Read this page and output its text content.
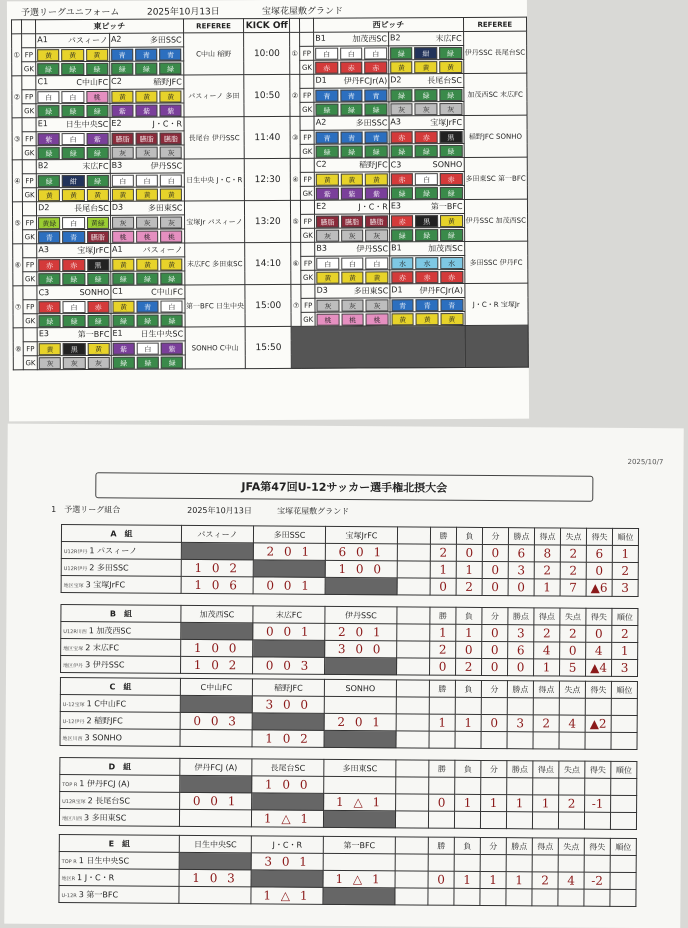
予選リーグユニフォーム	2025年10月13日	宝塚花屋敷グランド
		東ピッチ		REFEREE	KICK Off			西ピッチ		REFEREE
①		A1 パスィーノ	A2 多田SSC	C中山 稲野	10:00	①		B1 加茂西SC	B2 末広FC	伊丹SSC 長尾台SC
	FP	黄 黄 黄	青 青 青				FP	白 白 白	緑 紺 緑	

	GK	緑 緑 緑	緑 緑 緑				GK	赤 赤 赤	黄 黄 黄	

②		C1 C中山FC	C2 稲野JFC	パスィーノ 多田	10:50	②		D1 伊丹FCJr(A)	D2 長尾台SC	加茂西SC 末広FC
	FP	白 白 桃	黄 黄 黄				FP	青 青 青	緑 緑 緑	

	GK	緑 緑 緑	紫 紫 紫				GK	緑 緑 緑	灰 灰 灰	

③		E1 日生中央SC	E2 J・C・R	長尾台 伊丹SSC	11:40	③		A2 多田SSC	A3 宝塚JrFC	稲野JFC SONHO
	FP	紫 白 紫	臙脂 臙脂 臙脂				FP	青 青 青	赤 赤 黒	

	GK	緑 緑 緑	灰 灰 灰				GK	緑 緑 緑	緑 緑 緑	

④		B2 末広FC	B3 伊丹SSC	日生中央 J・C・R	12:30	④		C2 稲野JFC	C3 SONHO	多田東SC 第一BFC
	FP	緑 紺 緑	白 白 白				FP	黄 黄 黄	赤 白 赤	

	GK	黄 黄 黄	黄 黄 黄				GK	紫 紫 紫	緑 緑 緑	

⑤		D2 長尾台SC	D3 多田東SC	宝塚Jr パスィーノ	13:20	⑤		E2 J・C・R	E3 第一BFC	伊丹SSC 加茂西SC
	FP	黄緑 白 黄緑	灰 灰 灰				FP	臙脂 臙脂 臙脂	赤 黒 黄	

	GK	青 青 臙脂	桃 桃 桃				GK	灰 灰 灰	緑 緑 緑	

⑥		A3 宝塚JrFC	A1 パスィーノ	末広FC 多田東SC	14:10	⑥		B3 伊丹SSC	B1 加茂西SC	多田SSC 伊丹FC
	FP	赤 赤 黒	黄 黄 黄				FP	白 白 白	水 水 水	

	GK	緑 緑 緑	緑 緑 緑				GK	黄 黄 黄	赤 赤 赤	

⑦		C3 SONHO	C1 C中山FC	第一BFC 日生中央	15:00	⑦		D3 多田東SC	D1 伊丹FCJr(A)	J・C・R 宝塚Jr
	FP	赤 白 赤	黄 青 白				FP	灰 灰 灰	青 青 青	

	GK	緑 緑 緑	緑 緑 緑				GK	桃 桃 桃	黄 黄 黄	

⑧		E3 第一BFC	E1 日生中央SC	SONHO C中山	15:50					
	FP	黄 黒 黄	紫 白 紫							

	GK	灰 灰 灰	緑 緑 緑							
2025/10/7
JFA第47回U-12サッカー選手権北摂大会
1　予選リーグ組合	2025年10月13日	宝塚花屋敷グランド
A　組	パスィーノ	多田SSC	宝塚JrFC		勝	負	分	勝点	得点	失点	得失	順位
U12R伊丹 1 パスィーノ		2 0 1	6 0 1		2	0	0	6	8	2	6	1
U12R伊丹 2 多田SSC	1 0 2		1 0 0		1	1	0	3	2	2	0	2
地区宝塚 3 宝塚JrFC	1 0 6	0 0 1			0	2	0	0	1	7	▲6	3
B　組	加茂西SC	末広FC	伊丹SSC		勝	負	分	勝点	得点	失点	得失	順位
U12R川西 1 加茂西SC		0 0 1	2 0 1		1	1	0	3	2	2	0	2
地区宝塚 2 末広FC	1 0 0		3 0 0		2	0	0	6	4	0	4	1
地区伊丹 3 伊丹SSC	1 0 2	0 0 3			0	2	0	0	1	5	▲4	3
C　組	C中山FC	稲野JFC	SONHO		勝	負	分	勝点	得点	失点	得失	順位
U-12宝塚 1 C中山FC		3 0 0										
U-12伊丹 2 稲野JFC	0 0 3		2 0 1		1	1	0	3	2	4	▲2	
地区川西 3 SONHO		1 0 2										
D　組	伊丹FCJ (A)	長尾台SC	多田東SC		勝	負	分	勝点	得点	失点	得失	順位
TOP R 1 伊丹FCJ (A)		1 0 0										
U12R宝塚 2 長尾台SC	0 0 1		1 △ 1		0	1	1	1	1	2	-1	
地区川西 3 多田東SC		1 △ 1										
E　組	日生中央SC	J・C・R	第一BFC		勝	負	分	勝点	得点	失点	得失	順位
TOP R 1 日生中央SC		3 0 1										
地区R 1 J・C・R	1 0 3		1 △ 1		0	1	1	1	2	4	-2	
U-12R 3 第一BFC		1 △ 1										
